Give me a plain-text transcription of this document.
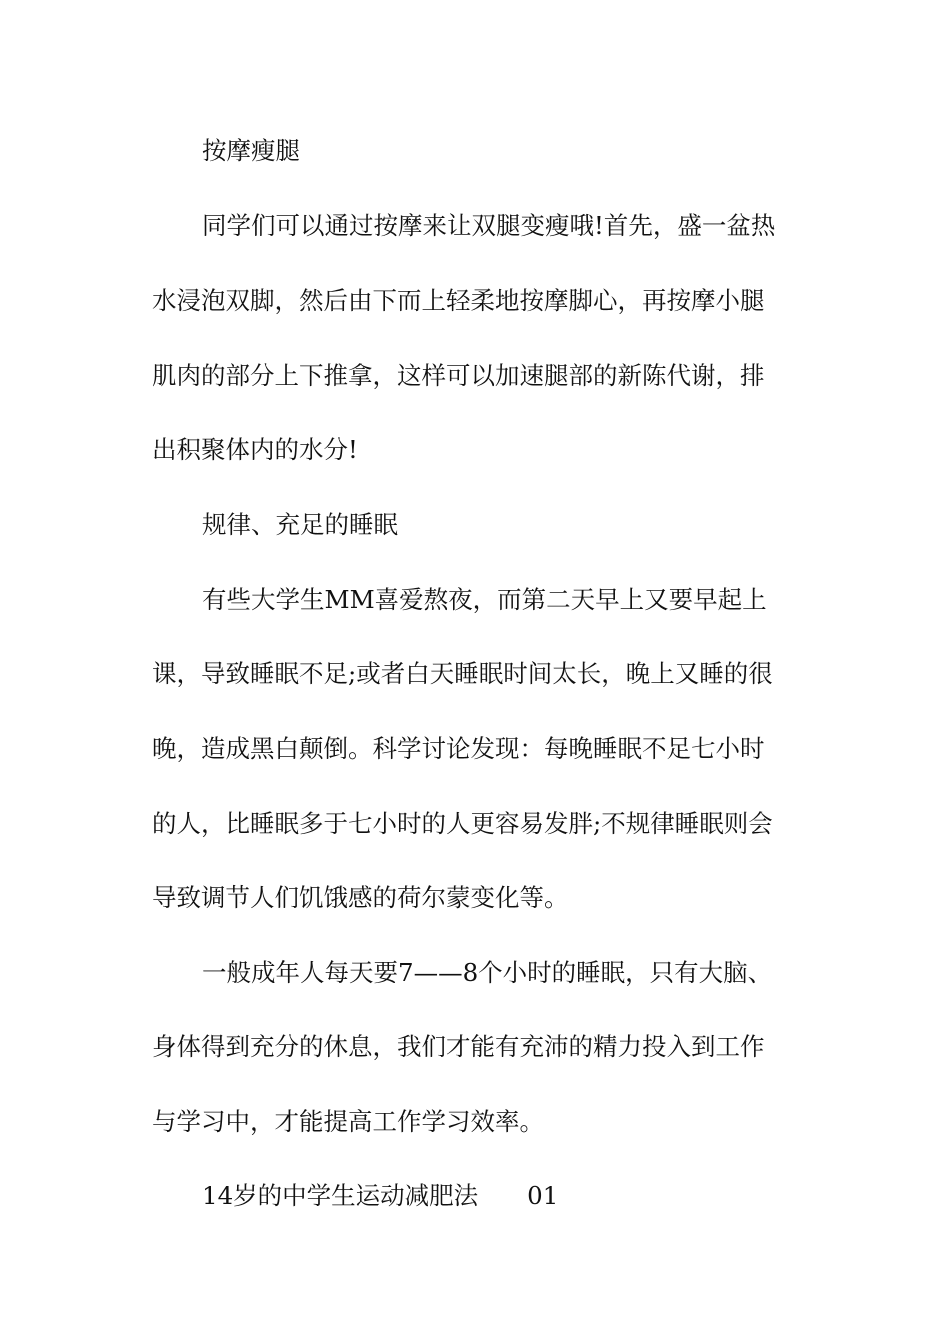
按摩瘦腿
同学们可以通过按摩来让双腿变瘦哦!首先，盛一盆热
水浸泡双脚，然后由下而上轻柔地按摩脚心，再按摩小腿
肌肉的部分上下推拿，这样可以加速腿部的新陈代谢，排
出积聚体内的水分!
规律、充足的睡眠
有些大学生MM喜爱熬夜，而第二天早上又要早起上
课，导致睡眠不足;或者白天睡眠时间太长，晚上又睡的很
晚，造成黑白颠倒。科学讨论发现：每晚睡眠不足七小时
的人，比睡眠多于七小时的人更容易发胖;不规律睡眠则会
导致调节人们饥饿感的荷尔蒙变化等。
一般成年人每天要7——8个小时的睡眠，只有大脑、
身体得到充分的休息，我们才能有充沛的精力投入到工作
与学习中，才能提高工作学习效率。
14岁的中学生运动减肥法　　01
